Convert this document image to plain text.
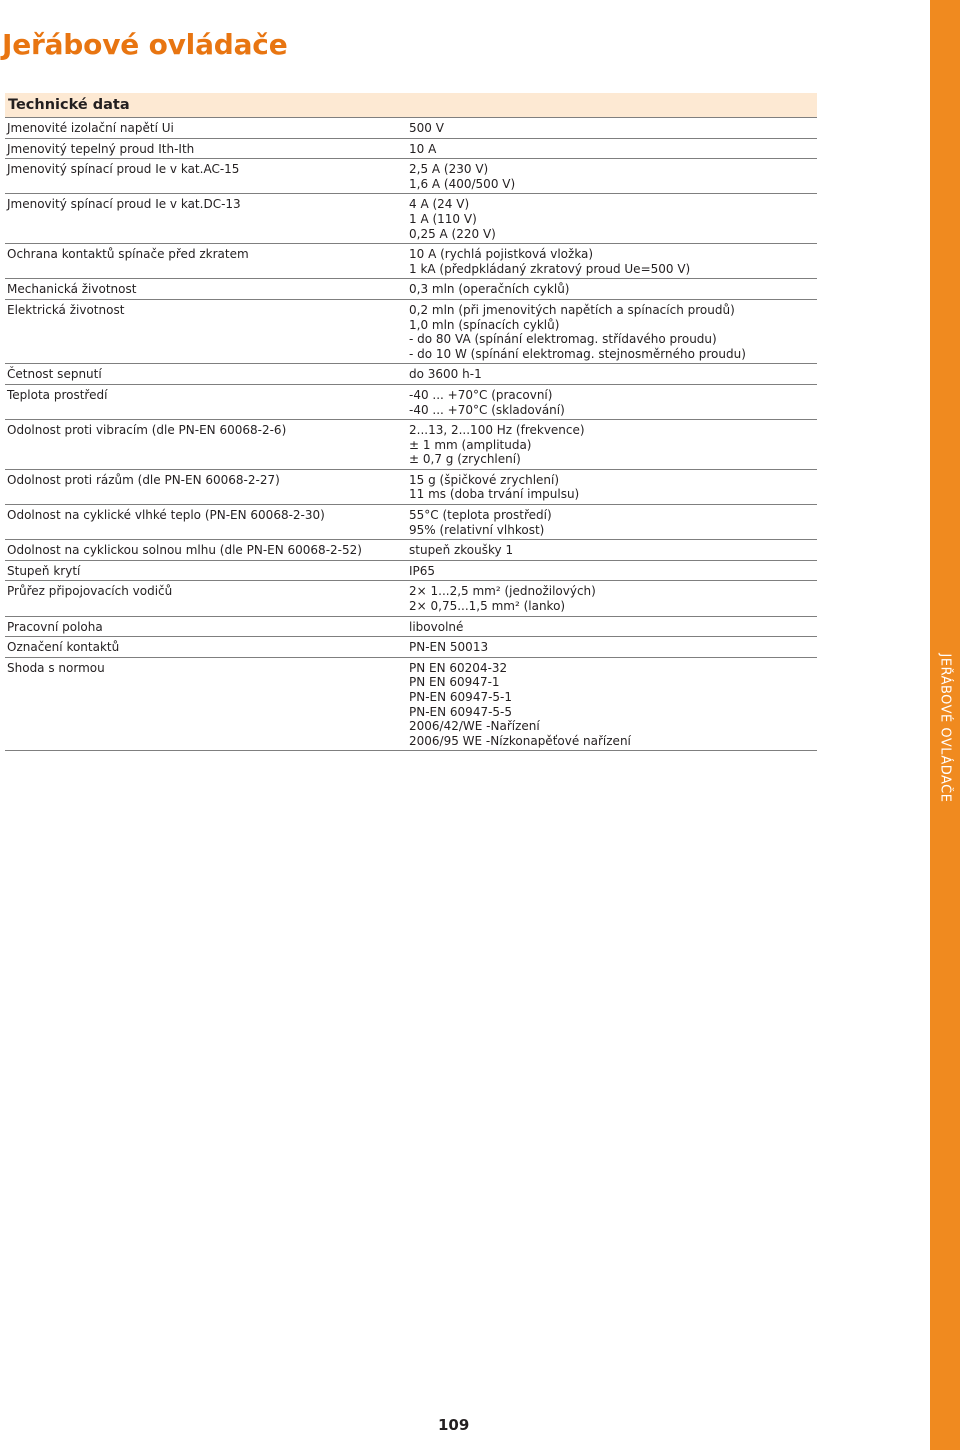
Jeřábové ovládače
JEŘÁBOVÉ OVLÁDAČE
Technické data
Jmenovité izolační napětí Ui	500 V
Jmenovitý tepelný proud Ith-Ith	10 A
Jmenovitý spínací proud Ie v kat.AC-15	2,5 A (230 V)
1,6 A (400/500 V)
Jmenovitý spínací proud Ie v kat.DC-13	4 A (24 V)
1 A (110 V)
0,25 A (220 V)
Ochrana kontaktů spínače před zkratem	10 A (rychlá pojistková vložka)
1 kA (předpkládaný zkratový proud Ue=500 V)
Mechanická životnost	0,3 mln (operačních cyklů)
Elektrická životnost	0,2 mln (při jmenovitých napětích a spínacích proudů)
1,0 mln (spínacích cyklů)
- do 80 VA (spínání elektromag. střídavého proudu)
- do 10 W (spínání elektromag. stejnosměrného proudu)
Četnost sepnutí	do 3600 h-1
Teplota prostředí	-40 ... +70°C (pracovní)
-40 ... +70°C (skladování)
Odolnost proti vibracím (dle PN-EN 60068-2-6)	2...13, 2...100 Hz (frekvence)
± 1 mm (amplituda)
± 0,7 g (zrychlení)
Odolnost proti rázům (dle PN-EN 60068-2-27)	15 g (špičkové zrychlení)
11 ms (doba trvání impulsu)
Odolnost na cyklické vlhké teplo (PN-EN 60068-2-30)	55°C (teplota prostředí)
95% (relativní vlhkost)
Odolnost na cyklickou solnou mlhu (dle PN-EN 60068-2-52)	stupeň zkoušky 1
Stupeň krytí	IP65
Průřez připojovacích vodičů	2× 1...2,5 mm² (jednožilových)
2× 0,75...1,5 mm² (lanko)
Pracovní poloha	libovolné
Označení kontaktů	PN-EN 50013
Shoda s normou	PN EN 60204-32
PN EN 60947-1
PN-EN 60947-5-1
PN-EN 60947-5-5
2006/42/WE -Nařízení
2006/95 WE -Nízkonapěťové nařízení
109
